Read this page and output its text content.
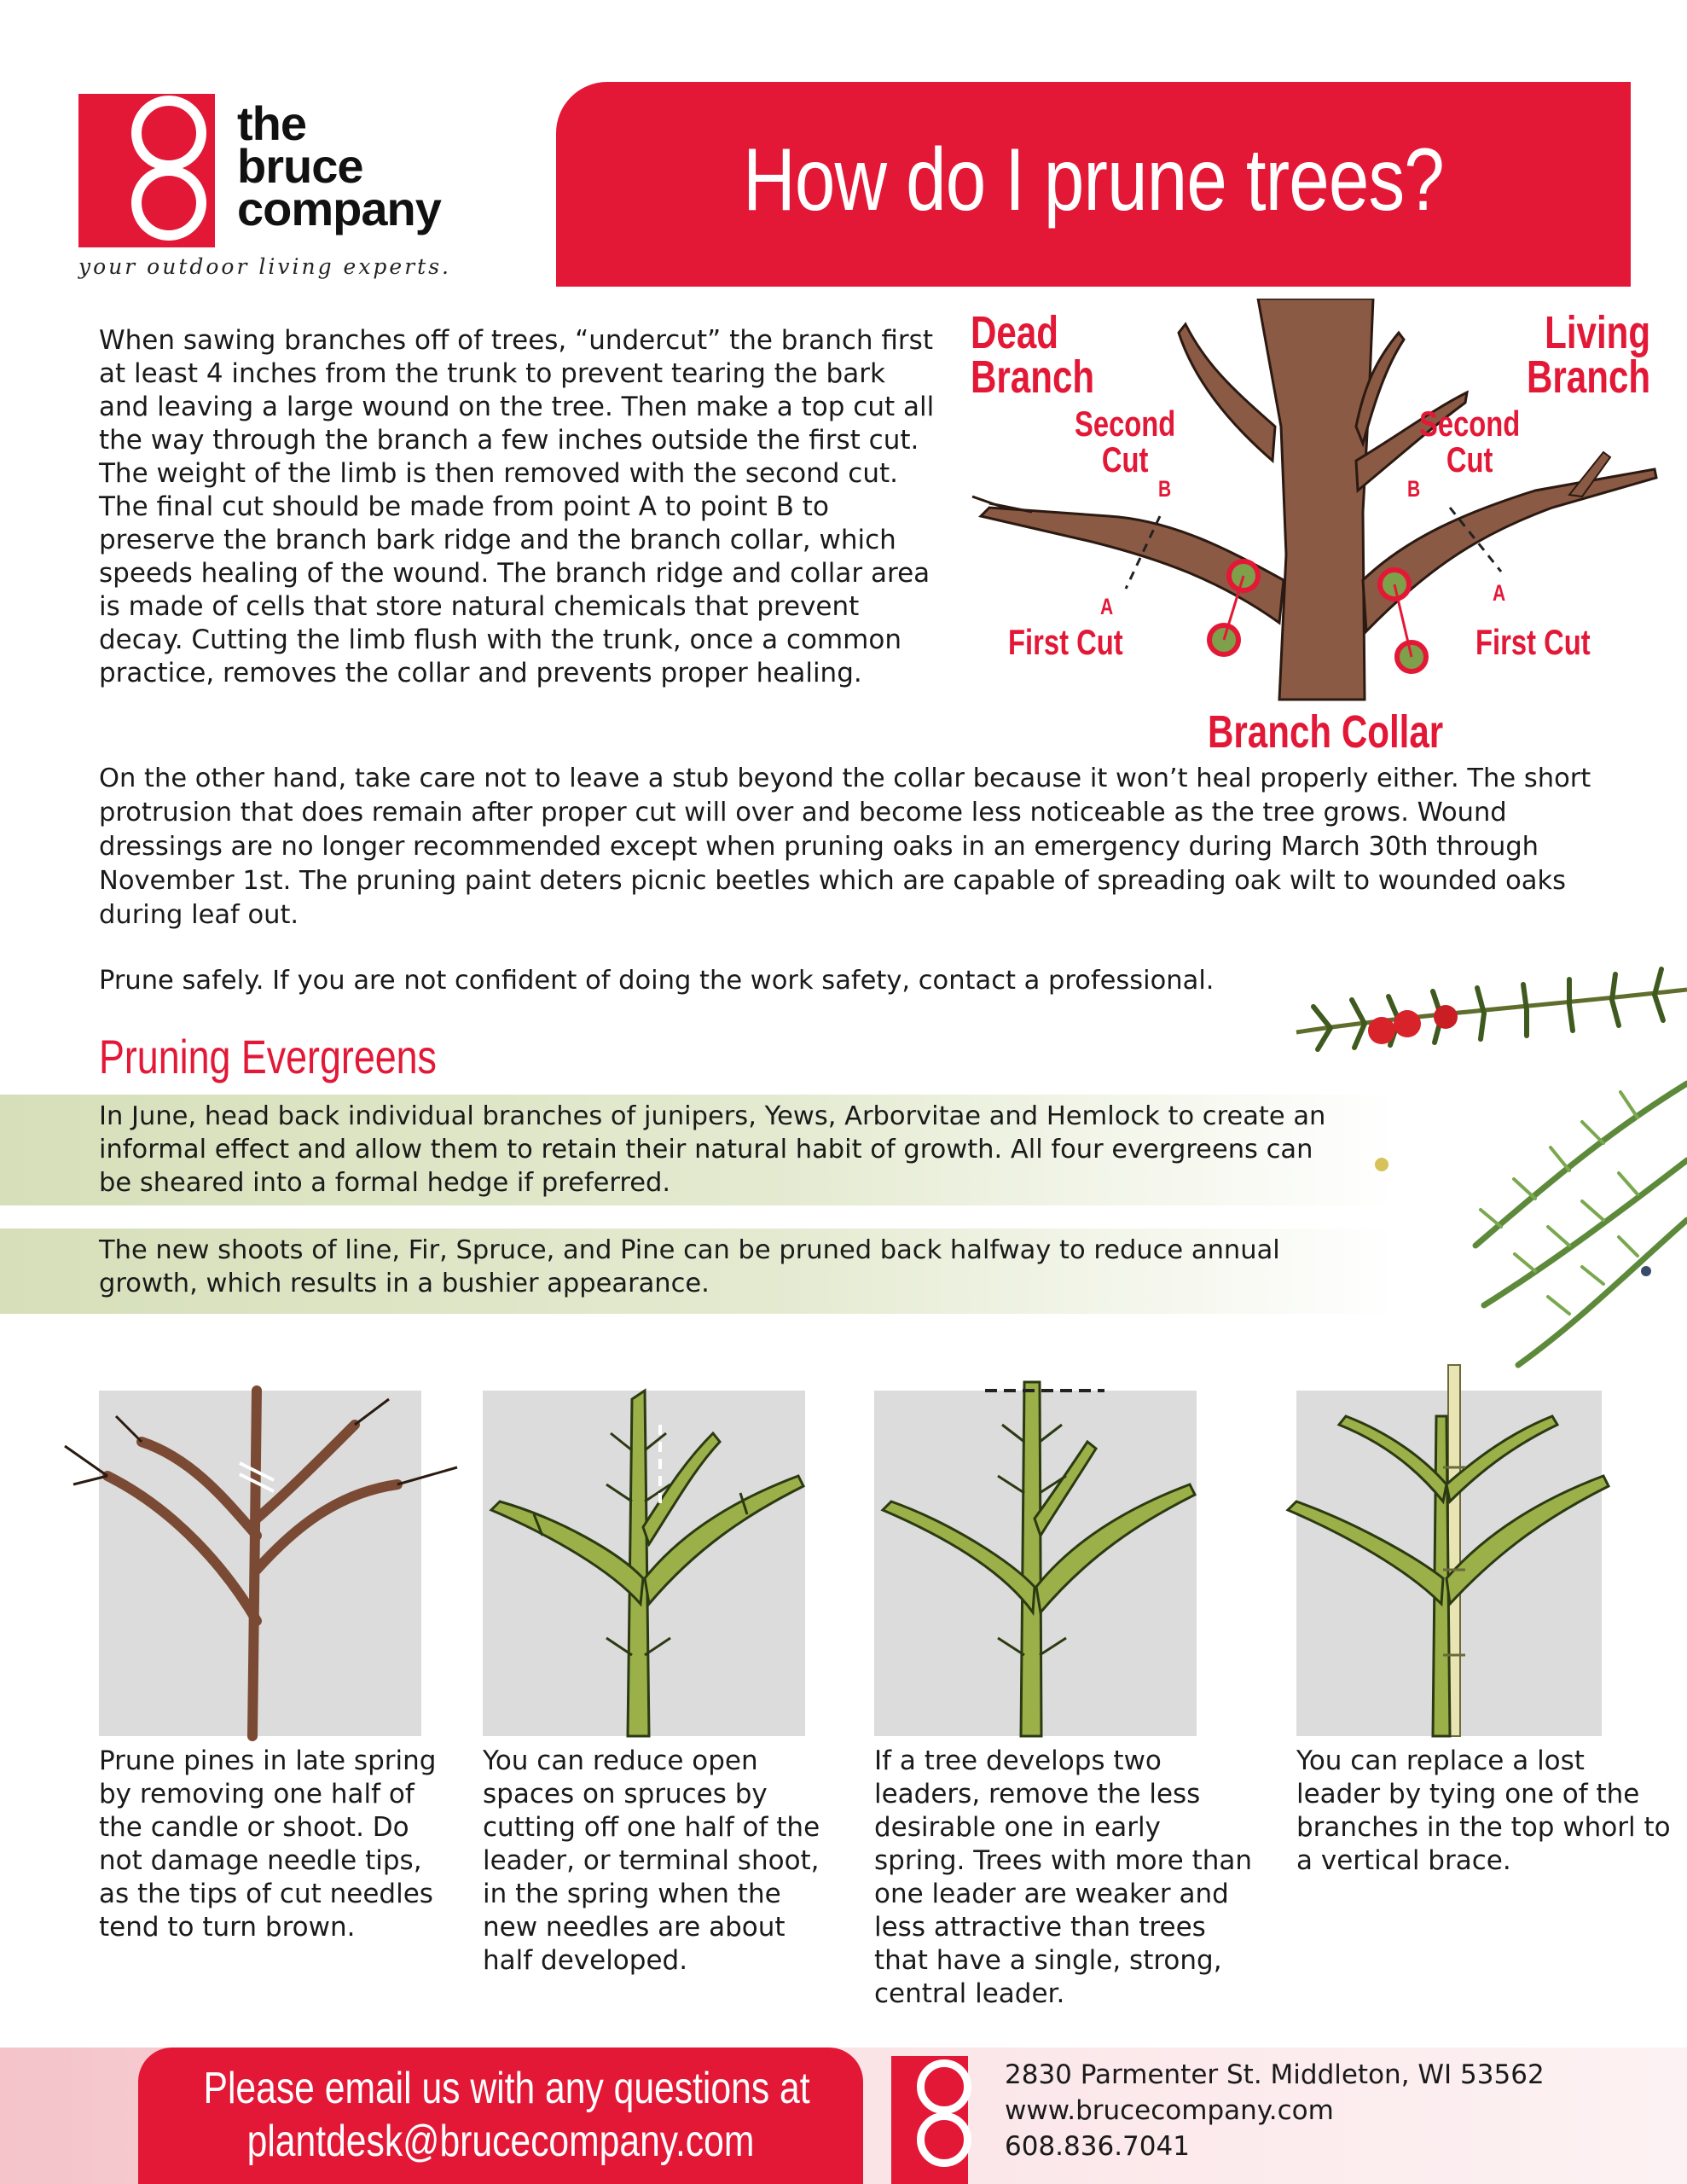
the
bruce
company
your outdoor living experts.
How do I prune trees?

When sawing branches off of trees, “undercut” the branch first at least 4 inches from the trunk to prevent tearing the bark and leaving a large wound on the tree. Then make a top cut all the way through the branch a few inches outside the first cut. The weight of the limb is then removed with the second cut. The final cut should be made from point A to point B to preserve the branch bark ridge and the branch collar, which speeds healing of the wound. The branch ridge and collar area is made of cells that store natural chemicals that prevent decay. Cutting the limb flush with the trunk, once a common practice, removes the collar and prevents proper healing.

Dead
Branch
Living
Branch
Second
Cut
Second
Cut
B	B
A
A
First Cut	First Cut
Branch Collar

On the other hand, take care not to leave a stub beyond the collar because it won’t heal properly either. The short protrusion that does remain after proper cut will over and become less noticeable as the tree grows. Wound dressings are no longer recommended except when pruning oaks in an emergency during March 30th through November 1st. The pruning paint deters picnic beetles which are capable of spreading oak wilt to wounded oaks during leaf out.

Prune safely. If you are not confident of doing the work safety, contact a professional.

Pruning Evergreens

In June, head back individual branches of junipers, Yews, Arborvitae and Hemlock to create an informal effect and allow them to retain their natural habit of growth. All four evergreens can be sheared into a formal hedge if preferred.

The new shoots of line, Fir, Spruce, and Pine can be pruned back halfway to reduce annual growth, which results in a bushier appearance.

Prune pines in late spring by removing one half of the candle or shoot. Do not damage needle tips, as the tips of cut needles tend to turn brown.

You can reduce open spaces on spruces by cutting off one half of the leader, or terminal shoot, in the spring when the new needles are about half developed.

If a tree develops two leaders, remove the less desirable one in early spring. Trees with more than one leader are weaker and less attractive than trees that have a single, strong, central leader.

You can replace a lost leader by tying one of the branches in the top whorl to a vertical brace.

Please email us with any questions at
plantdesk@brucecompany.com
2830 Parmenter St. Middleton, WI 53562
www.brucecompany.com
608.836.7041
